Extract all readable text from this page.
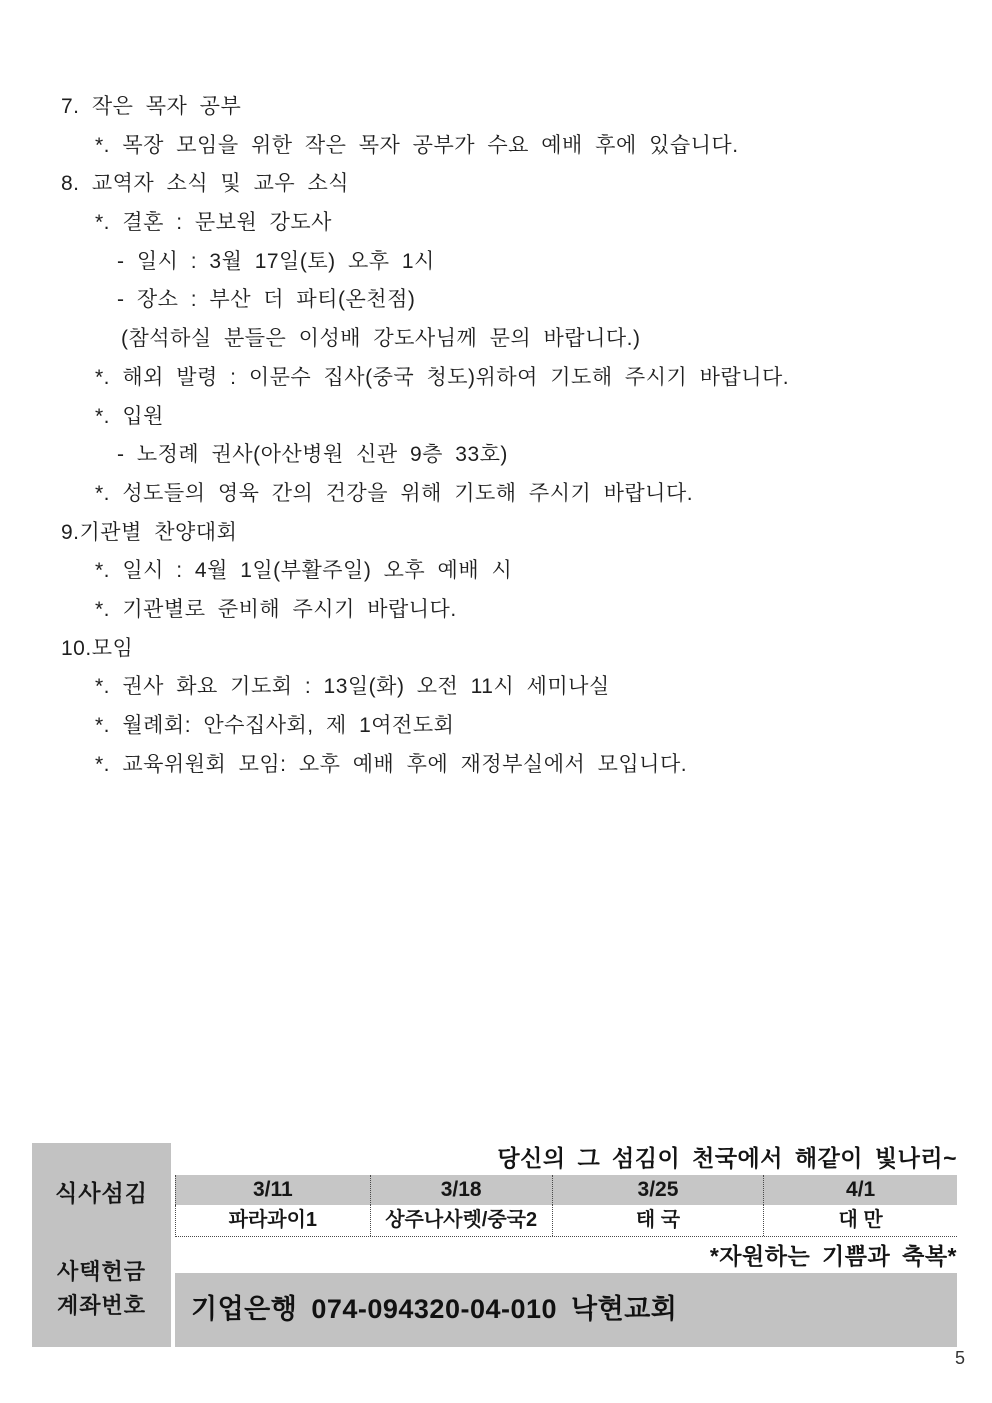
7. 작은 목자 공부
*. 목장 모임을 위한 작은 목자 공부가 수요 예배 후에 있습니다.
8. 교역자 소식 및 교우 소식
*. 결혼 : 문보원 강도사
- 일시 : 3월 17일(토) 오후 1시
- 장소 : 부산 더 파티(온천점)
(참석하실 분들은 이성배 강도사님께 문의 바랍니다.)
*. 해외 발령 : 이문수 집사(중국 청도)위하여 기도해 주시기 바랍니다.
*. 입원
- 노정례 권사(아산병원 신관 9층 33호)
*. 성도들의 영육 간의 건강을 위해 기도해 주시기 바랍니다.
9.기관별 찬양대회
*. 일시 : 4월 1일(부활주일) 오후 예배 시
*. 기관별로 준비해 주시기 바랍니다.
10.모임
*. 권사 화요 기도회 : 13일(화) 오전 11시 세미나실
*. 월례회: 안수집사회, 제 1여전도회
*. 교육위원회 모임: 오후 예배 후에 재정부실에서 모입니다.
식사섬김
사택헌금
계좌번호
당신의 그 섬김이 천국에서 해같이 빛나리~
3/11	3/18	3/25	4/1
파라과이1	상주나사렛/중국2	태 국	대 만
*자원하는 기쁨과 축복*
기업은행 074-094320-04-010 낙현교회
5
